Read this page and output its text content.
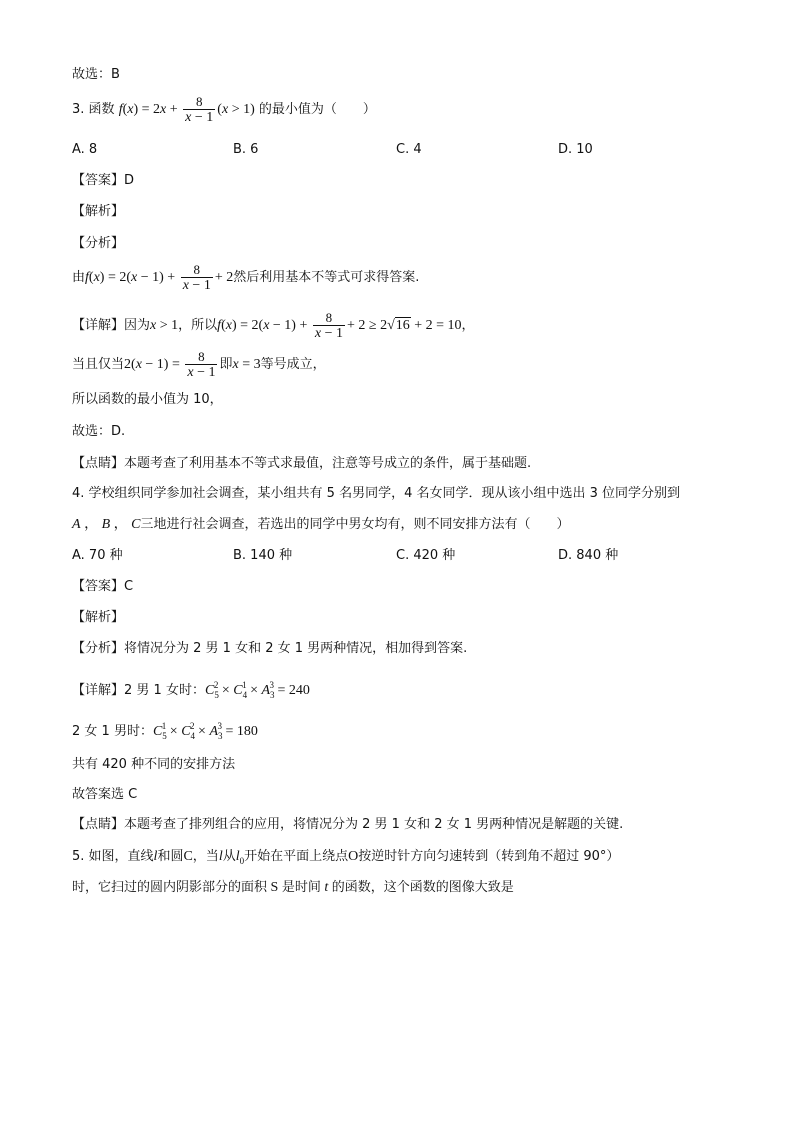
故选：B
3. 函数 $f(x) = 2x + \frac{8}{x - 1} (x > 1)$ 的最小值为（　　）
A. 8	B. 6	C. 4	D. 10
【答案】D
【解析】
【分析】
由$f(x) = 2(x - 1) + \frac{8}{x - 1} + 2$然后利用基本不等式可求得答案.
【详解】因为x > 1，所以$f(x) = 2(x - 1) + \frac{8}{x - 1} + 2 \ge 2√16 + 2 = 10$，
当且仅当$2(x - 1) = \frac{8}{x - 1}$ 即x = 3等号成立，
所以函数的最小值为 10，
故选：D.
【点睛】本题考查了利用基本不等式求最值，注意等号成立的条件，属于基础题.
4. 学校组织同学参加社会调查，某小组共有 5 名男同学，4 名女同学．现从该小组中选出 3 位同学分别到
A ， B ， C三地进行社会调查，若选出的同学中男女均有，则不同安排方法有（　　）
A. 70 种	B. 140 种	C. 420 种	D. 840 种
【答案】C
【解析】
【分析】将情况分为 2 男 1 女和 2 女 1 男两种情况，相加得到答案.
【详解】2 男 1 女时：$C_5^2 \times C_4^1 \times A_3^3 = 240$
2 女 1 男时：$C_5^1 \times C_4^2 \times A_3^3 = 180$
共有 420 种不同的安排方法
故答案选 C
【点睛】本题考查了排列组合的应用，将情况分为 2 男 1 女和 2 女 1 男两种情况是解题的关键.
5. 如图，直线l和圆C，当l从$l_0$开始在平面上绕点O按逆时针方向匀速转到（转到角不超过 90°）
时，它扫过的圆内阴影部分的面积 S 是时间 t 的函数，这个函数的图像大致是
